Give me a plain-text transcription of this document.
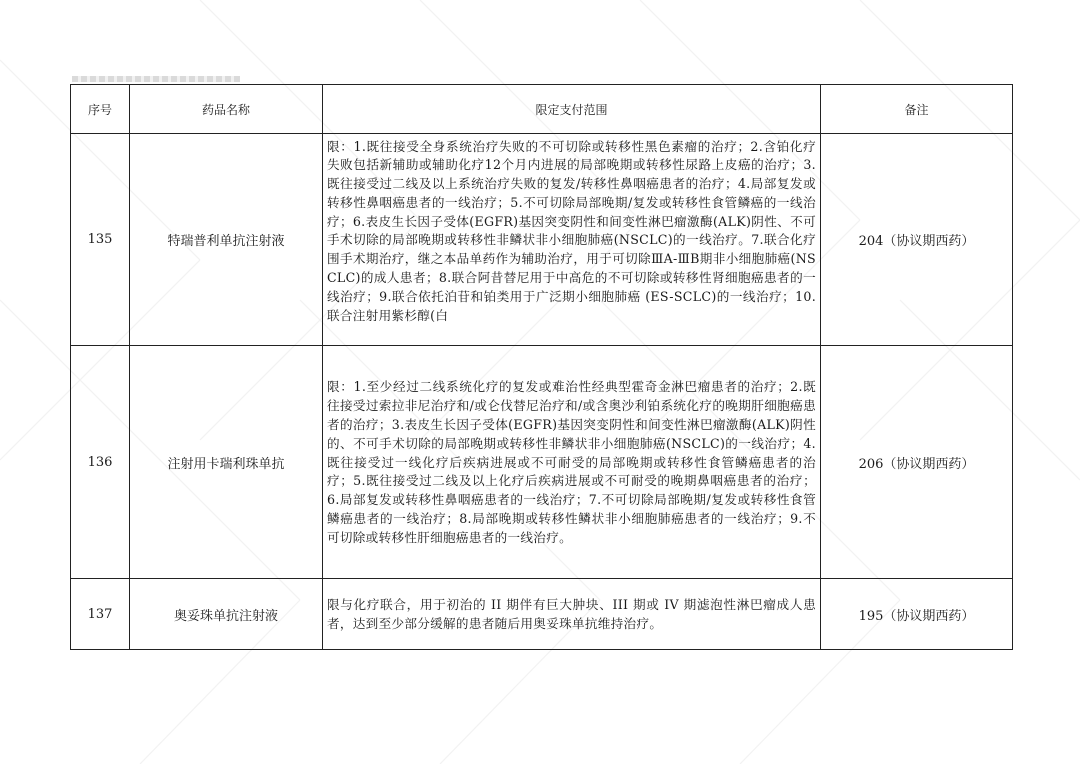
序号	药品名称	限定支付范围	备注
135	特瑞普利单抗注射液	限：1.既往接受全身系统治疗失败的不可切除或转移性黑色素瘤的治疗；2.含铂化疗失败包括新辅助或辅助化疗12个月内进展的局部晚期或转移性尿路上皮癌的治疗；3.既往接受过二线及以上系统治疗失败的复发/转移性鼻咽癌患者的治疗；4.局部复发或转移性鼻咽癌患者的一线治疗；5.不可切除局部晚期/复发或转移性食管鳞癌的一线治疗；6.表皮生长因子受体(EGFR)基因突变阴性和间变性淋巴瘤激酶(ALK)阴性、不可手术切除的局部晚期或转移性非鳞状非小细胞肺癌(NSCLC)的一线治疗。7.联合化疗围手术期治疗，继之本品单药作为辅助治疗，用于可切除ⅢA-ⅢB期非小细胞肺癌(NSCLC)的成人患者；8.联合阿昔替尼用于中高危的不可切除或转移性肾细胞癌患者的一线治疗；9.联合依托泊苷和铂类用于广泛期小细胞肺癌 (ES-SCLC)的一线治疗；10.联合注射用紫杉醇(白	204（协议期西药）
136	注射用卡瑞利珠单抗	限：1.至少经过二线系统化疗的复发或难治性经典型霍奇金淋巴瘤患者的治疗；2.既往接受过索拉非尼治疗和/或仑伐替尼治疗和/或含奥沙利铂系统化疗的晚期肝细胞癌患者的治疗；3.表皮生长因子受体(EGFR)基因突变阴性和间变性淋巴瘤激酶(ALK)阴性的、不可手术切除的局部晚期或转移性非鳞状非小细胞肺癌(NSCLC)的一线治疗；4.既往接受过一线化疗后疾病进展或不可耐受的局部晚期或转移性食管鳞癌患者的治疗；5.既往接受过二线及以上化疗后疾病进展或不可耐受的晚期鼻咽癌患者的治疗；6.局部复发或转移性鼻咽癌患者的一线治疗；7.不可切除局部晚期/复发或转移性食管鳞癌患者的一线治疗；8.局部晚期或转移性鳞状非小细胞肺癌患者的一线治疗；9.不可切除或转移性肝细胞癌患者的一线治疗。	206（协议期西药）
137	奥妥珠单抗注射液	限与化疗联合，用于初治的 II 期伴有巨大肿块、III 期或 IV 期滤泡性淋巴瘤成人患者，达到至少部分缓解的患者随后用奥妥珠单抗维持治疗。	195（协议期西药）
